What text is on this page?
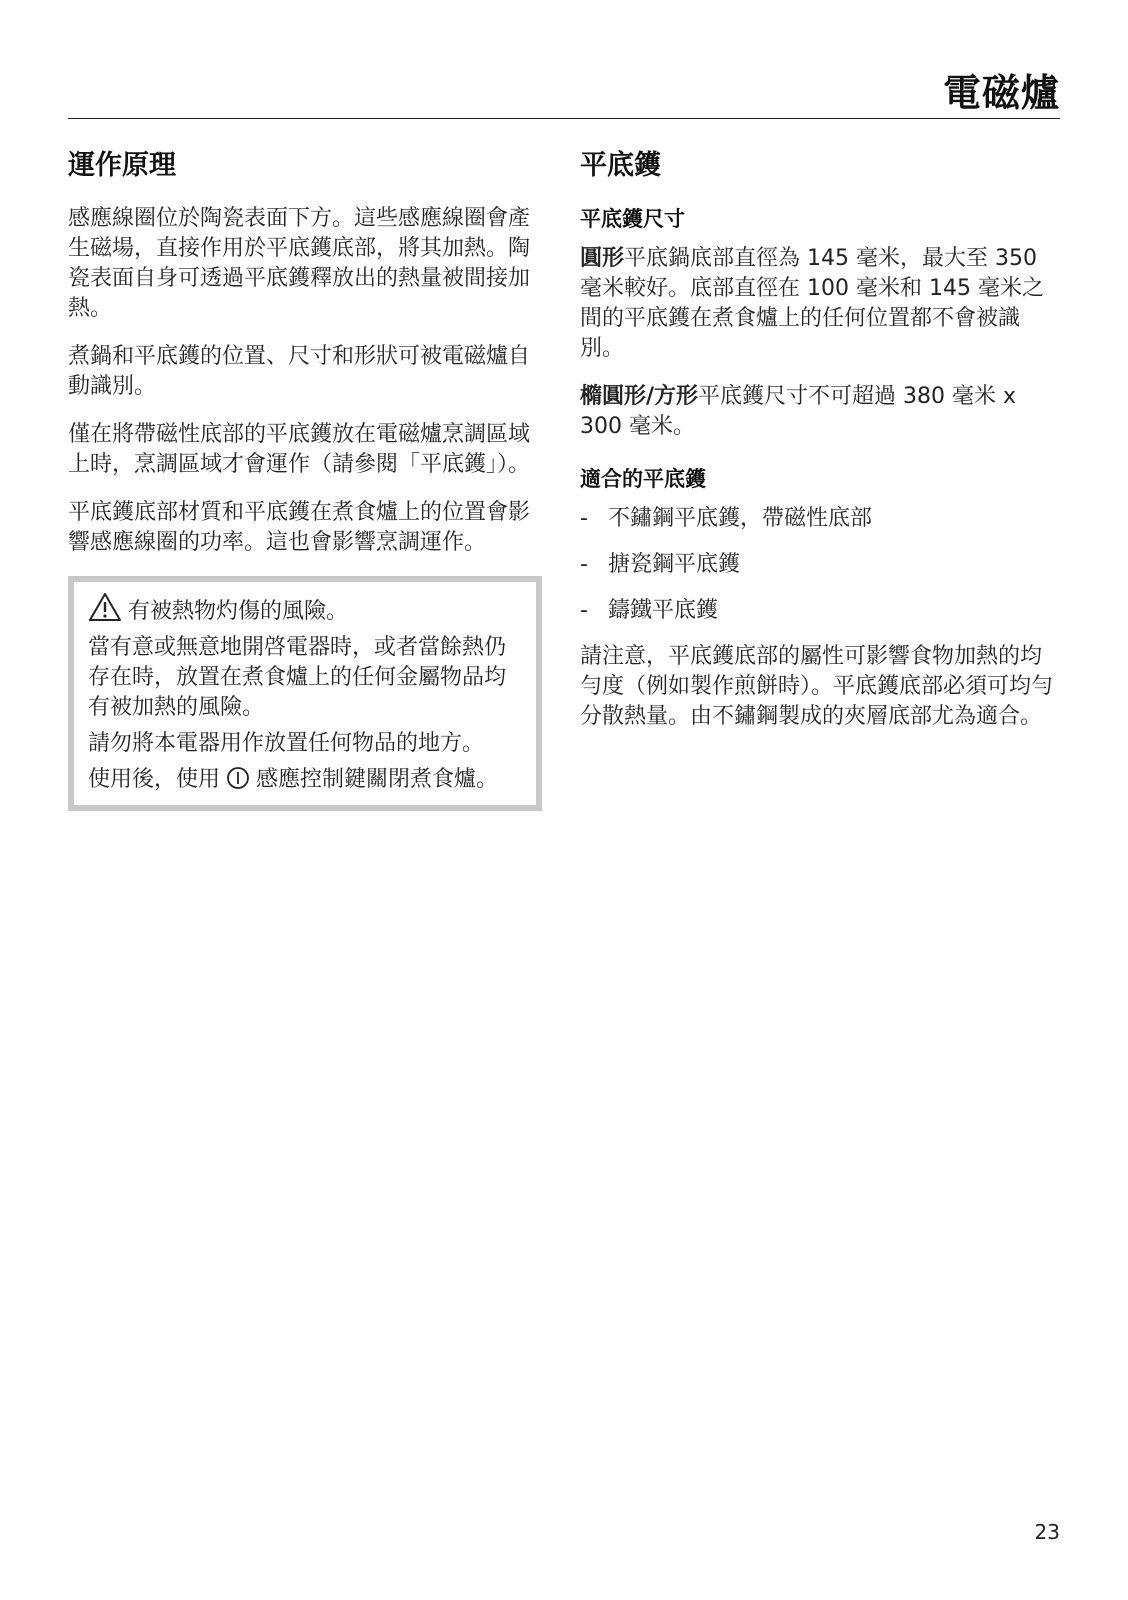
電磁爐
運作原理

感應線圈位於陶瓷表面下方。這些感應線圈會產生磁場，直接作用於平底鑊底部，將其加熱。陶瓷表面自身可透過平底鑊釋放出的熱量被間接加熱。

煮鍋和平底鑊的位置、尺寸和形狀可被電磁爐自動識別。

僅在將帶磁性底部的平底鑊放在電磁爐烹調區域上時，烹調區域才會運作（請參閱「平底鑊」）。

平底鑊底部材質和平底鑊在煮食爐上的位置會影響感應線圈的功率。這也會影響烹調運作。

有被熱物灼傷的風險。

當有意或無意地開啓電器時，或者當餘熱仍存在時，放置在煮食爐上的任何金屬物品均有被加熱的風險。

請勿將本電器用作放置任何物品的地方。

使用後，使用 感應控制鍵關閉煮食爐。

平底鑊
平底鑊尺寸

圓形平底鍋底部直徑為 145 毫米，最大至 350 毫米較好。底部直徑在 100 毫米和 145 毫米之間的平底鑊在煮食爐上的任何位置都不會被識別。

橢圓形/方形平底鑊尺寸不可超過 380 毫米 x 300 毫米。

適合的平底鑊
- 不鏽鋼平底鑊，帶磁性底部
- 搪瓷鋼平底鑊
- 鑄鐵平底鑊

請注意，平底鑊底部的屬性可影響食物加熱的均勻度（例如製作煎餅時）。平底鑊底部必須可均勻分散熱量。由不鏽鋼製成的夾層底部尤為適合。

23
